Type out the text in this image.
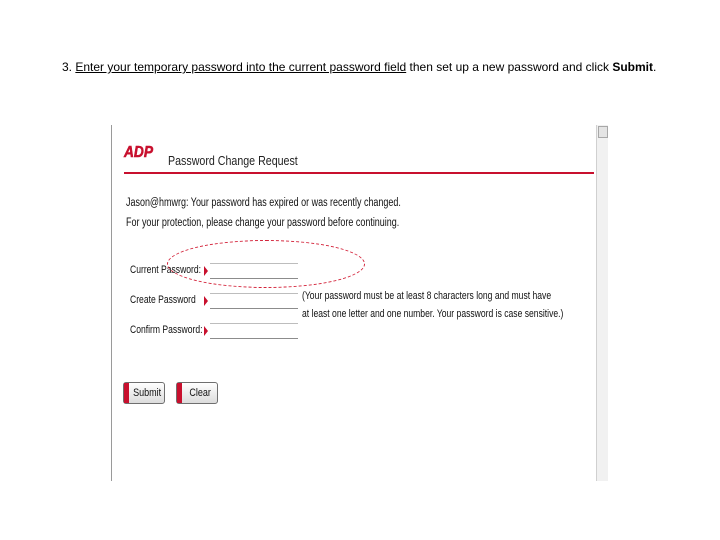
3. Enter your temporary password into the current password field then set up a new password and click Submit.
ADP Password Change Request
Jason@hmwrg: Your password has expired or was recently changed.
For your protection, please change your password before continuing.
Current Password:
Create Password
Confirm Password:
(Your password must be at least 8 characters long and must have
at least one letter and one number. Your password is case sensitive.)
Submit	Clear
